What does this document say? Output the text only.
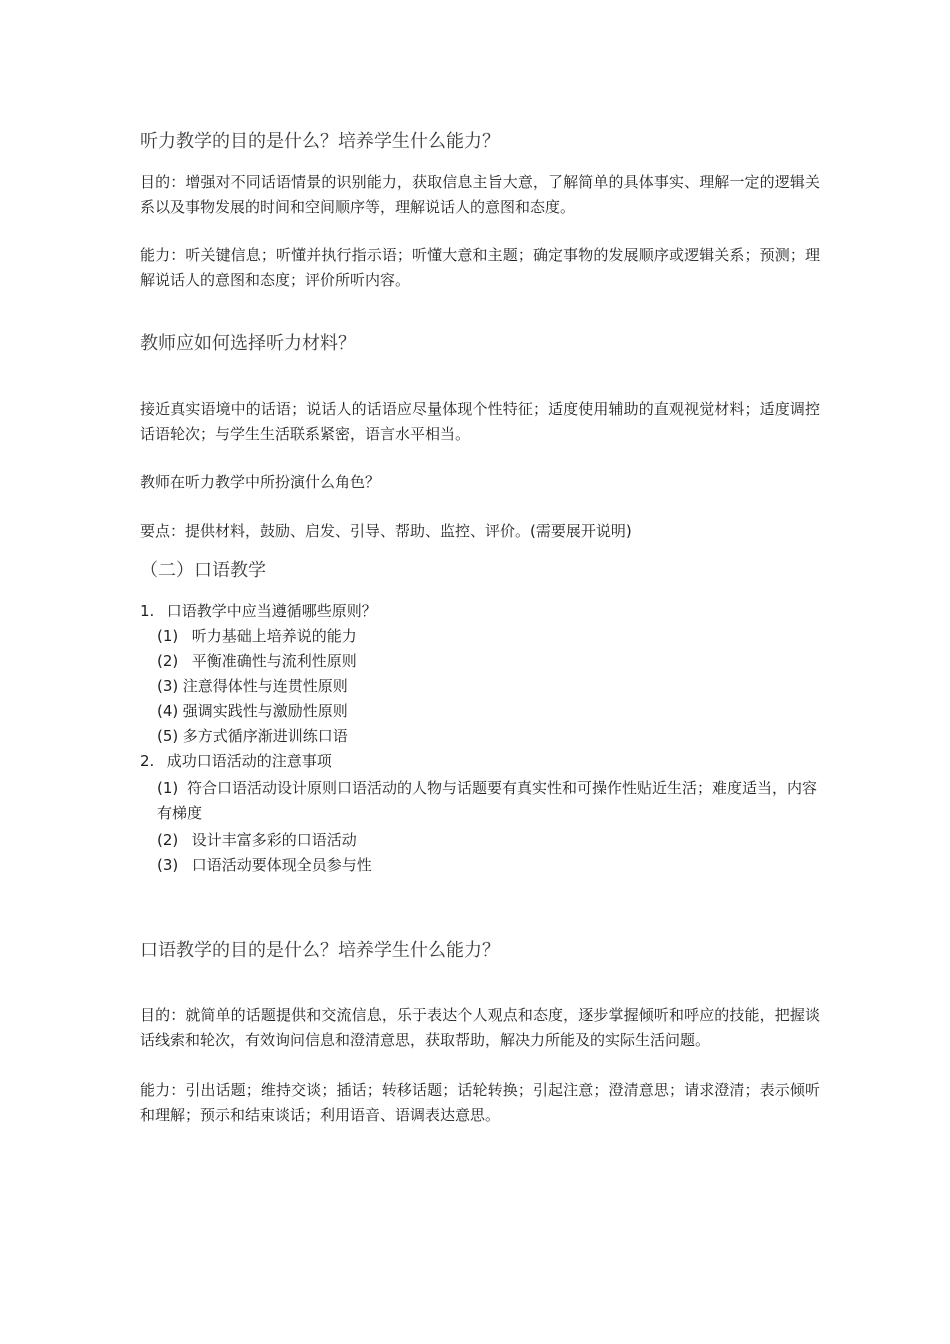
听力教学的目的是什么？培养学生什么能力？
目的：增强对不同话语情景的识别能力，获取信息主旨大意，了解简单的具体事实、理解一定的逻辑关系以及事物发展的时间和空间顺序等，理解说话人的意图和态度。
能力：听关键信息；听懂并执行指示语；听懂大意和主题；确定事物的发展顺序或逻辑关系；预测；理解说话人的意图和态度；评价所听内容。
教师应如何选择听力材料？
接近真实语境中的话语；说话人的话语应尽量体现个性特征；适度使用辅助的直观视觉材料；适度调控话语轮次；与学生生活联系紧密，语言水平相当。
教师在听力教学中所扮演什么角色？
要点：提供材料，鼓励、启发、引导、帮助、监控、评价。(需要展开说明)
（二）口语教学
1. 口语教学中应当遵循哪些原则？
(1) 听力基础上培养说的能力
(2) 平衡准确性与流利性原则
(3) 注意得体性与连贯性原则
(4) 强调实践性与激励性原则
(5) 多方式循序渐进训练口语
2. 成功口语活动的注意事项
(1) 符合口语活动设计原则口语活动的人物与话题要有真实性和可操作性贴近生活；难度适当，内容有梯度
(2) 设计丰富多彩的口语活动
(3) 口语活动要体现全员参与性
口语教学的目的是什么？培养学生什么能力？
目的：就简单的话题提供和交流信息，乐于表达个人观点和态度，逐步掌握倾听和呼应的技能，把握谈话线索和轮次，有效询问信息和澄清意思，获取帮助，解决力所能及的实际生活问题。
能力：引出话题；维持交谈；插话；转移话题；话轮转换；引起注意；澄清意思；请求澄清；表示倾听和理解；预示和结束谈话；利用语音、语调表达意思。
